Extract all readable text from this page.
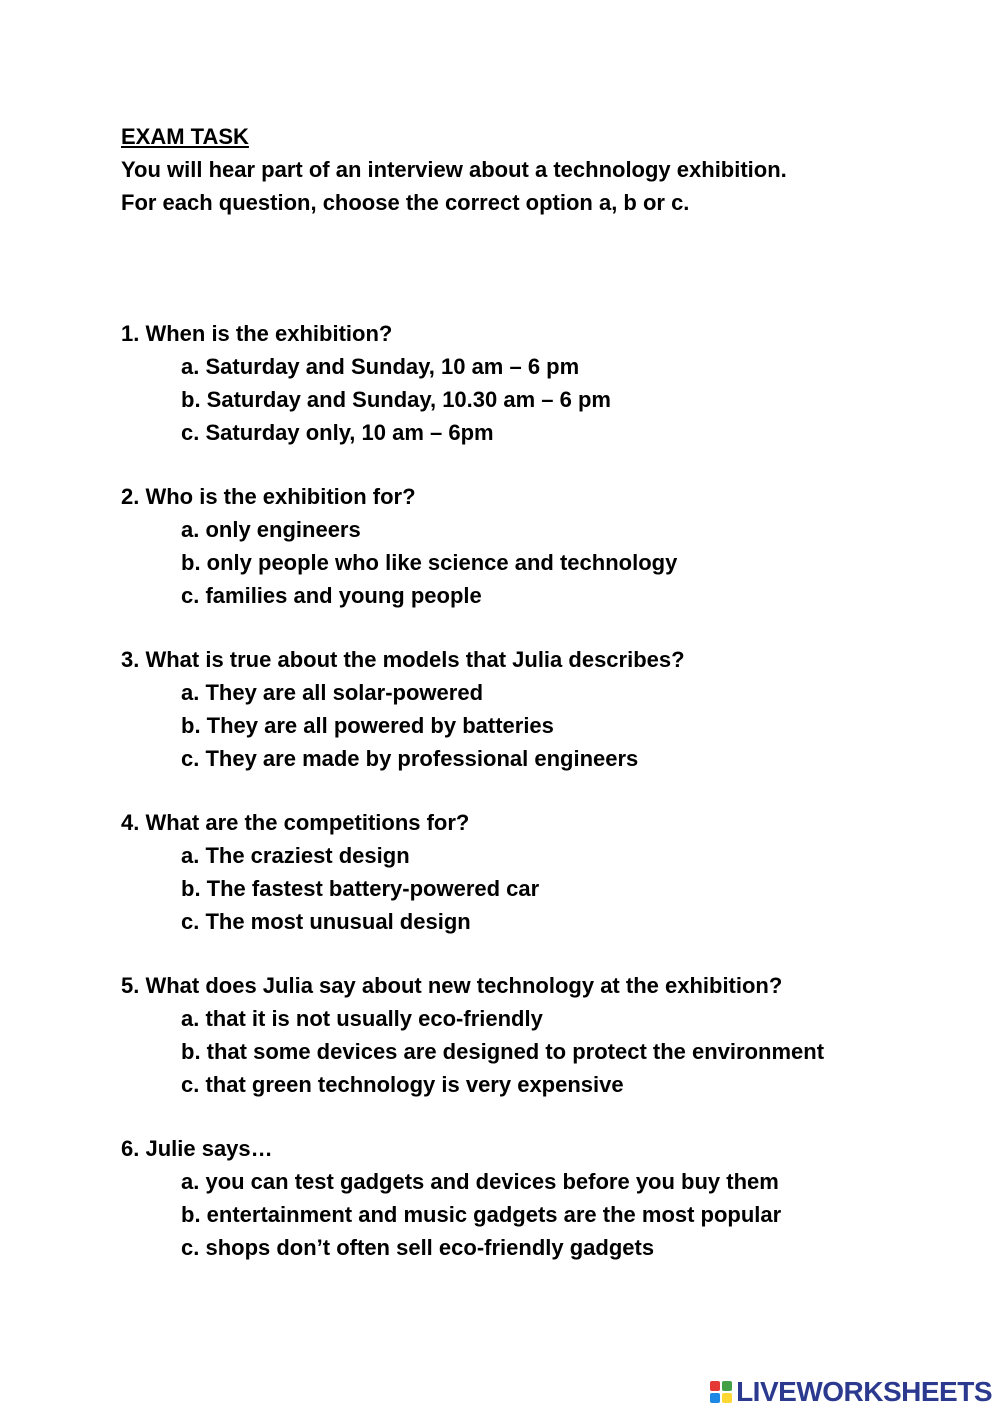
EXAM TASK
You will hear part of an interview about a technology exhibition.
For each question, choose the correct option a, b or c.
1. When is the exhibition?
a. Saturday and Sunday, 10 am – 6 pm
b. Saturday and Sunday, 10.30 am – 6 pm
c. Saturday only, 10 am – 6pm
2. Who is the exhibition for?
a. only engineers
b. only people who like science and technology
c. families and young people
3. What is true about the models that Julia describes?
a. They are all solar-powered
b. They are all powered by batteries
c. They are made by professional engineers
4. What are the competitions for?
a. The craziest design
b. The fastest battery-powered car
c. The most unusual design
5. What does Julia say about new technology at the exhibition?
a. that it is not usually eco-friendly
b. that some devices are designed to protect the environment
c. that green technology is very expensive
6. Julie says…
a. you can test gadgets and devices before you buy them
b. entertainment and music gadgets are the most popular
c. shops don’t often sell eco-friendly gadgets
LIVEWORKSHEETS
